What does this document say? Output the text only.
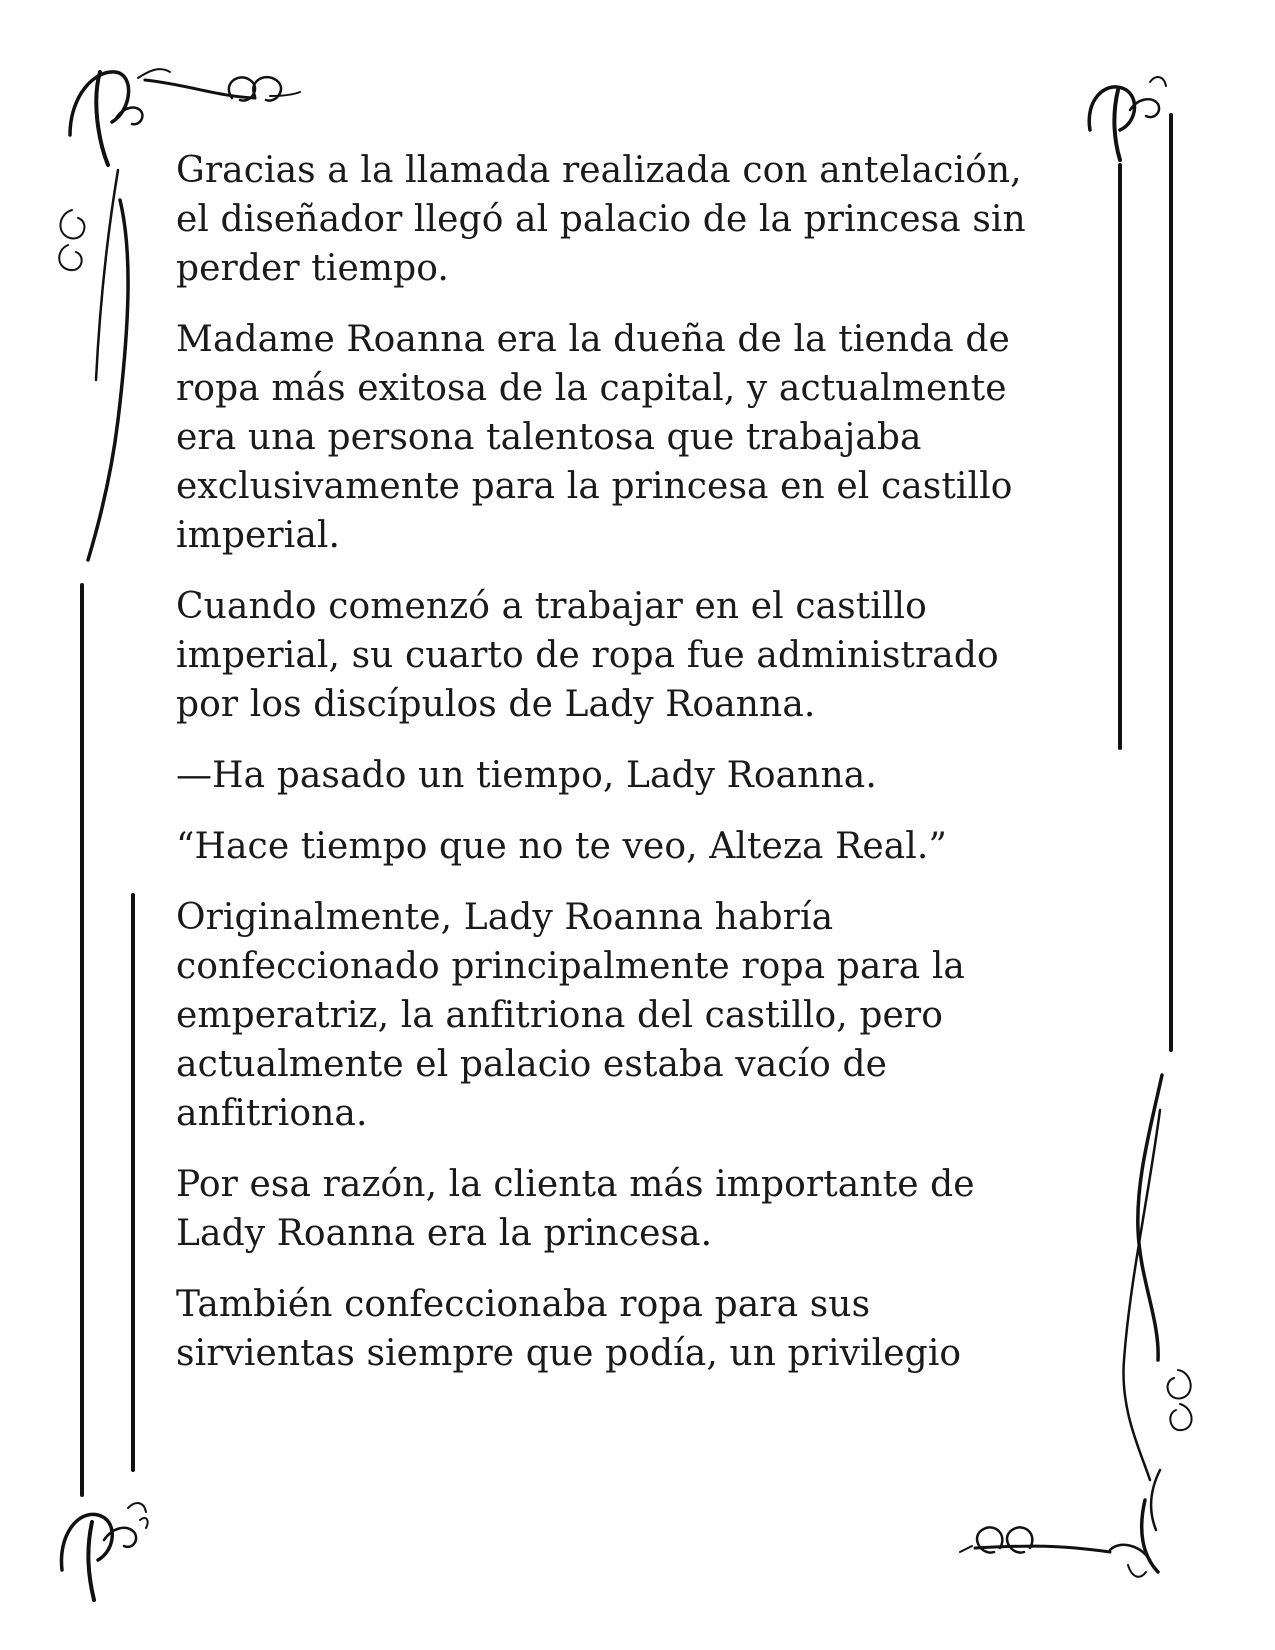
Gracias a la llamada realizada con antelación,
el diseñador llegó al palacio de la princesa sin
perder tiempo.

Madame Roanna era la dueña de la tienda de
ropa más exitosa de la capital, y actualmente
era una persona talentosa que trabajaba
exclusivamente para la princesa en el castillo
imperial.

Cuando comenzó a trabajar en el castillo
imperial, su cuarto de ropa fue administrado
por los discípulos de Lady Roanna.

—Ha pasado un tiempo, Lady Roanna.

“Hace tiempo que no te veo, Alteza Real.”

Originalmente, Lady Roanna habría
confeccionado principalmente ropa para la
emperatriz, la anfitriona del castillo, pero
actualmente el palacio estaba vacío de
anfitriona.

Por esa razón, la clienta más importante de
Lady Roanna era la princesa.

También confeccionaba ropa para sus
sirvientas siempre que podía, un privilegio
